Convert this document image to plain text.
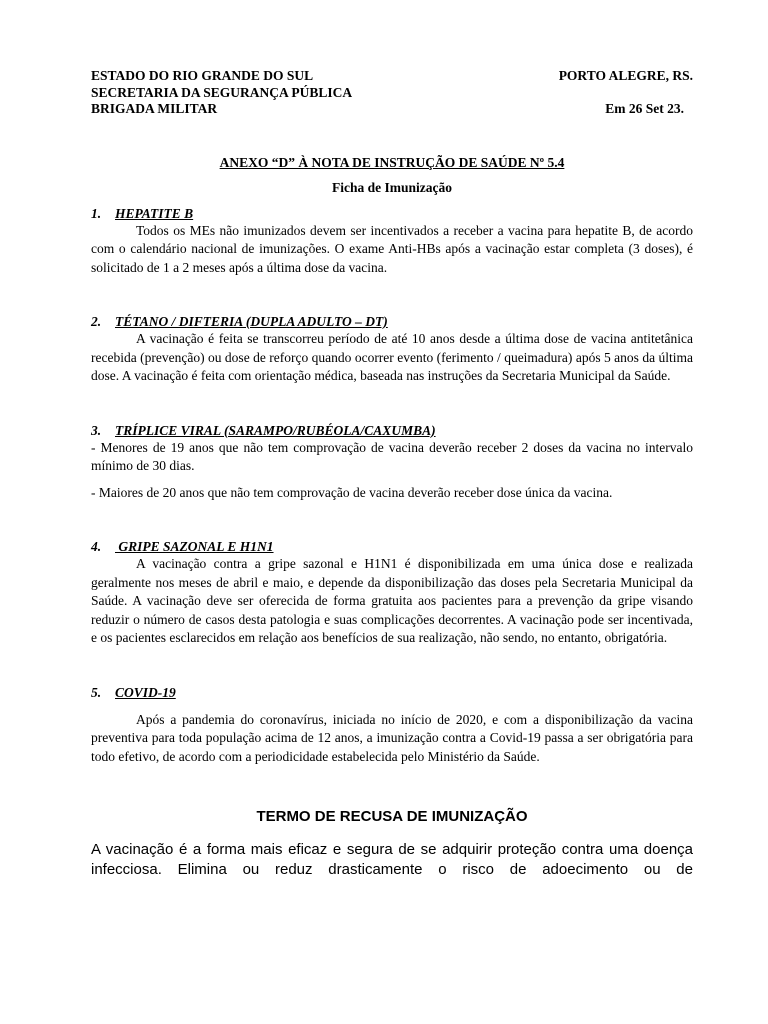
ESTADO DO RIO GRANDE DO SUL	PORTO ALEGRE, RS.
SECRETARIA DA SEGURANÇA PÚBLICA
BRIGADA MILITAR	Em 26 Set 23.
ANEXO “D” À NOTA DE INSTRUÇÃO DE SAÚDE Nº 5.4
Ficha de Imunização
1.	HEPATITE B

Todos os MEs não imunizados devem ser incentivados a receber a vacina para hepatite B, de acordo com o calendário nacional de imunizações. O exame Anti-HBs após a vacinação estar completa (3 doses), é solicitado de 1 a 2 meses após a última dose da vacina.

2.	TÉTANO / DIFTERIA (DUPLA ADULTO – DT)

A vacinação é feita se transcorreu período de até 10 anos desde a última dose de vacina antitetânica recebida (prevenção) ou dose de reforço quando ocorrer evento (ferimento / queimadura) após 5 anos da última dose. A vacinação é feita com orientação médica, baseada nas instruções da Secretaria Municipal da Saúde.

3.	TRÍPLICE VIRAL (SARAMPO/RUBÉOLA/CAXUMBA)

- Menores de 19 anos que não tem comprovação de vacina deverão receber 2 doses da vacina no intervalo mínimo de 30 dias.

- Maiores de 20 anos que não tem comprovação de vacina deverão receber dose única da vacina.

4.	GRIPE SAZONAL E H1N1

A vacinação contra a gripe sazonal e H1N1 é disponibilizada em uma única dose e realizada geralmente nos meses de abril e maio, e depende da disponibilização das doses pela Secretaria Municipal da Saúde. A vacinação deve ser oferecida de forma gratuita aos pacientes para a prevenção da gripe visando reduzir o número de casos desta patologia e suas complicações decorrentes. A vacinação pode ser incentivada, e os pacientes esclarecidos em relação aos benefícios de sua realização, não sendo, no entanto, obrigatória.

5.	COVID-19

Após a pandemia do coronavírus, iniciada no início de 2020, e com a disponibilização da vacina preventiva para toda população acima de 12 anos, a imunização contra a Covid-19 passa a ser obrigatória para todo efetivo, de acordo com a periodicidade estabelecida pelo Ministério da Saúde.

TERMO DE RECUSA DE IMUNIZAÇÃO

A vacinação é a forma mais eficaz e segura de se adquirir proteção contra uma doença infecciosa. Elimina ou reduz drasticamente o risco de adoecimento ou de
